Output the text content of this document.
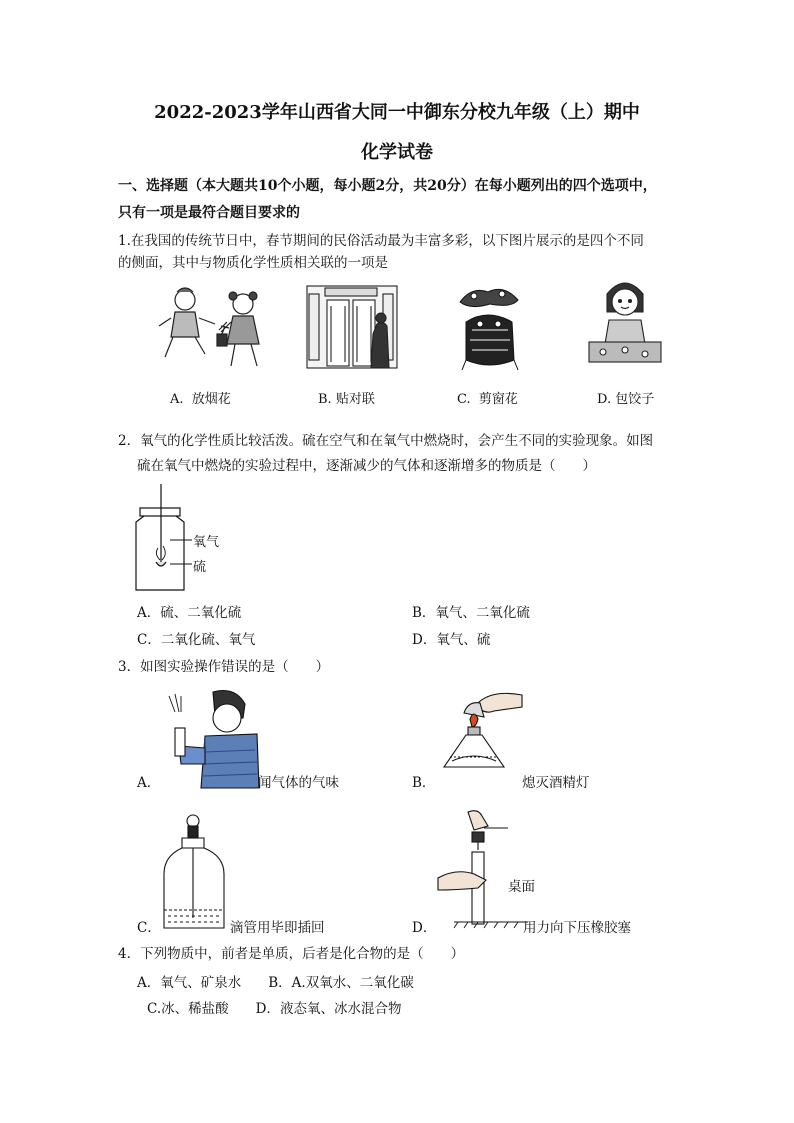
2022-2023学年山西省大同一中御东分校九年级（上）期中
化学试卷
一、选择题（本大题共10个小题，每小题2分，共20分）在每小题列出的四个选项中，
只有一项是最符合题目要求的
1.在我国的传统节日中，春节期间的民俗活动最为丰富多彩，以下图片展示的是四个不同
的侧面，其中与物质化学性质相关联的一项是
A. 放烟花	B. 贴对联	C. 剪窗花	D. 包饺子
2．氧气的化学性质比较活泼。硫在空气和在氧气中燃烧时，会产生不同的实验现象。如图
硫在氧气中燃烧的实验过程中，逐渐减少的气体和逐渐增多的物质是（　　）
氧气
硫
A．硫、二氧化硫	B．氧气、二氧化硫
C．二氧化硫、氧气	D．氧气、硫
3．如图实验操作错误的是（　　）
A．	闻气体的气味	B．	熄灭酒精灯
C．	滴管用毕即插回	D．
桌面
用力向下压橡胶塞
4．下列物质中，前者是单质，后者是化合物的是（　　）
A．氧气、矿泉水　　B．A.双氧水、二氧化碳
C.冰、稀盐酸　　D．液态氧、冰水混合物
